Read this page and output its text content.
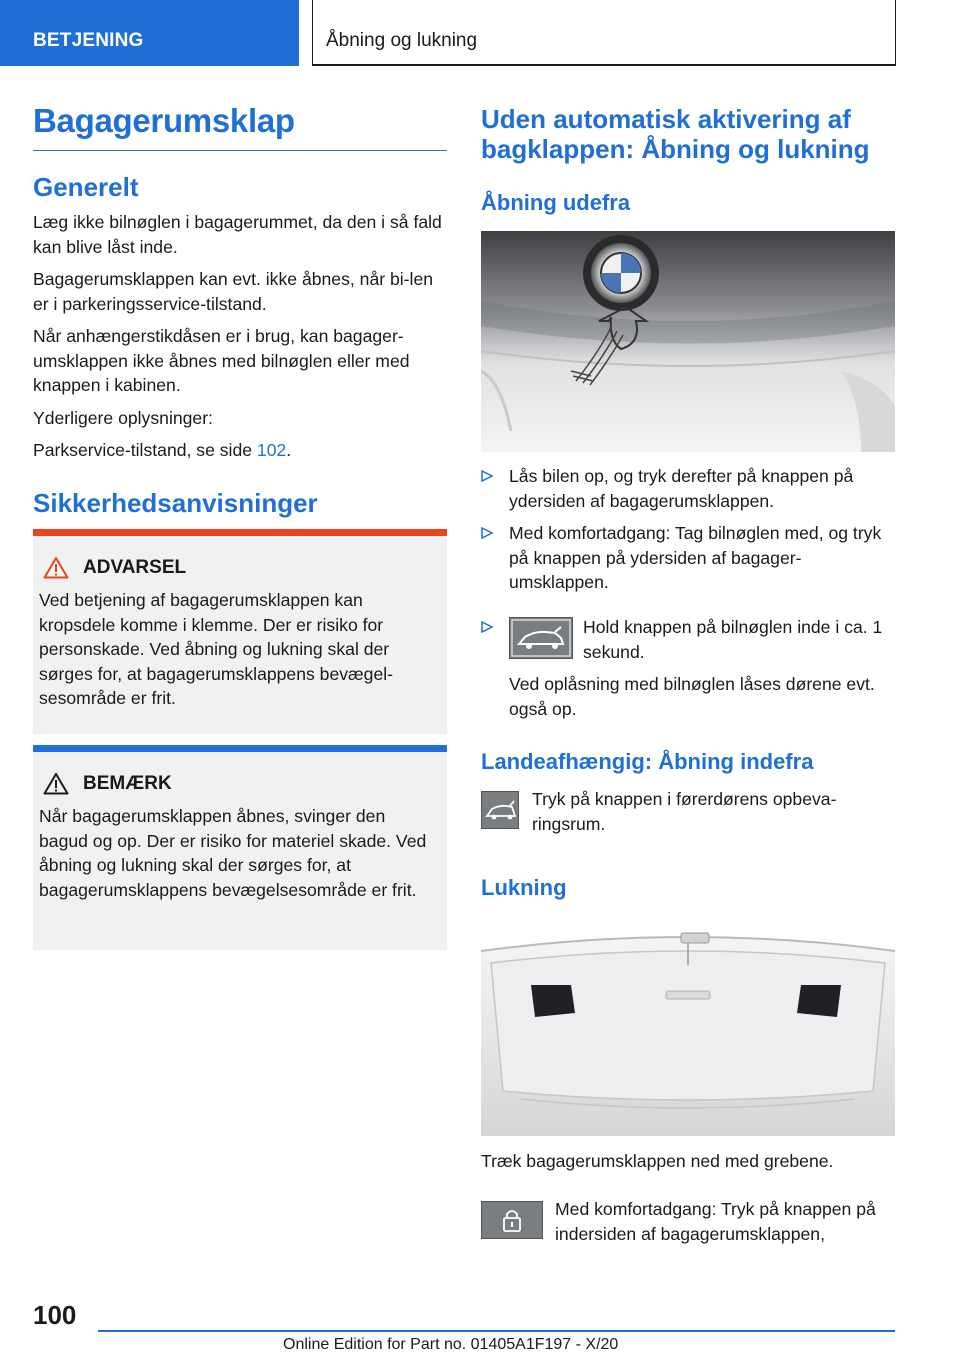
BETJENING	Åbning og lukning
Bagagerumsklap
Generelt

Læg ikke bilnøglen i bagagerummet, da den i så fald kan blive låst inde.

Bagagerumsklappen kan evt. ikke åbnes, når bi-len er i parkeringsservice-tilstand.

Når anhængerstikdåsen er i brug, kan bagager-umsklappen ikke åbnes med bilnøglen eller med knappen i kabinen.

Yderligere oplysninger:

Parkservice-tilstand, se side 102.

Sikkerhedsanvisninger
ADVARSEL
Ved betjening af bagagerumsklappen kan kropsdele komme i klemme. Der er risiko for personskade. Ved åbning og lukning skal der sørges for, at bagagerumsklappens bevægel-sesområde er frit.
BEMÆRK
Når bagagerumsklappen åbnes, svinger den bagud og op. Der er risiko for materiel skade. Ved åbning og lukning skal der sørges for, at bagagerumsklappens bevægelsesområde er frit.
Uden automatisk aktivering af bagklappen: Åbning og lukning
Åbning udefra
Lås bilen op, og tryk derefter på knappen på ydersiden af bagagerumsklappen.
Med komfortadgang: Tag bilnøglen med, og tryk på knappen på ydersiden af bagager-umsklappen.
Hold knappen på bilnøglen inde i ca. 1 sekund.
Ved oplåsning med bilnøglen låses dørene evt. også op.
Landeafhængig: Åbning indefra

Tryk på knappen i førerdørens opbeva-ringsrum.

Lukning

Træk bagagerumsklappen ned med grebene.

Med komfortadgang: Tryk på knappen på indersiden af bagagerumsklappen,

100
Online Edition for Part no. 01405A1F197 - X/20
